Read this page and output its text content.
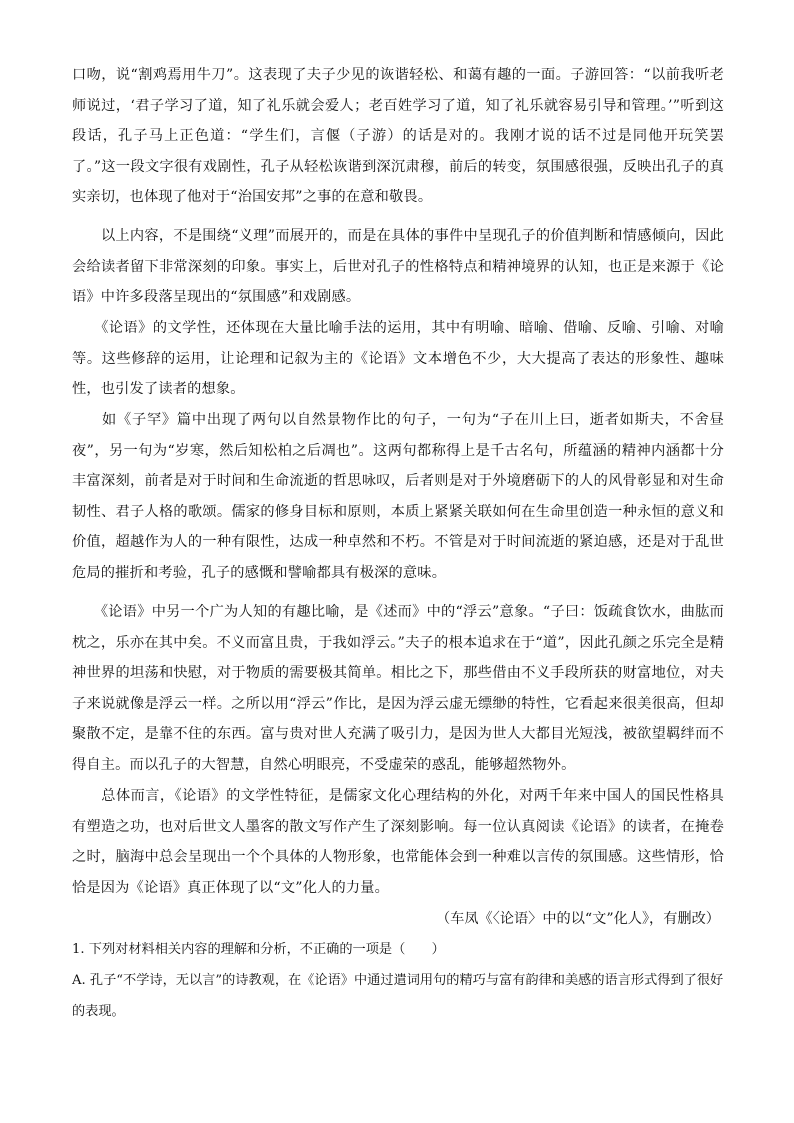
口吻，说“割鸡焉用牛刀”。这表现了夫子少见的诙谐轻松、和蔼有趣的一面。子游回答：“以前我听老师说过，‘君子学习了道，知了礼乐就会爱人；老百姓学习了道，知了礼乐就容易引导和管理。’”听到这段话，孔子马上正色道：“学生们，言偃（子游）的话是对的。我刚才说的话不过是同他开玩笑罢了。”这一段文字很有戏剧性，孔子从轻松诙谐到深沉肃穆，前后的转变，氛围感很强，反映出孔子的真实亲切，也体现了他对于“治国安邦”之事的在意和敬畏。

　　以上内容，不是围绕“义理”而展开的，而是在具体的事件中呈现孔子的价值判断和情感倾向，因此会给读者留下非常深刻的印象。事实上，后世对孔子的性格特点和精神境界的认知，也正是来源于《论语》中许多段落呈现出的“氛围感”和戏剧感。

　　《论语》的文学性，还体现在大量比喻手法的运用，其中有明喻、暗喻、借喻、反喻、引喻、对喻等。这些修辞的运用，让论理和记叙为主的《论语》文本增色不少，大大提高了表达的形象性、趣味性，也引发了读者的想象。

　　如《子罕》篇中出现了两句以自然景物作比的句子，一句为“子在川上曰，逝者如斯夫，不舍昼夜”，另一句为“岁寒，然后知松柏之后凋也”。这两句都称得上是千古名句，所蕴涵的精神内涵都十分丰富深刻，前者是对于时间和生命流逝的哲思咏叹，后者则是对于外境磨砺下的人的风骨彰显和对生命韧性、君子人格的歌颂。儒家的修身目标和原则，本质上紧紧关联如何在生命里创造一种永恒的意义和价值，超越作为人的一种有限性，达成一种卓然和不朽。不管是对于时间流逝的紧迫感，还是对于乱世危局的摧折和考验，孔子的感慨和譬喻都具有极深的意味。

　　《论语》中另一个广为人知的有趣比喻，是《述而》中的“浮云”意象。“子曰：饭疏食饮水，曲肱而枕之，乐亦在其中矣。不义而富且贵，于我如浮云。”夫子的根本追求在于“道”，因此孔颜之乐完全是精神世界的坦荡和快慰，对于物质的需要极其简单。相比之下，那些借由不义手段所获的财富地位，对夫子来说就像是浮云一样。之所以用“浮云”作比，是因为浮云虚无缥缈的特性，它看起来很美很高，但却聚散不定，是靠不住的东西。富与贵对世人充满了吸引力，是因为世人大都目光短浅，被欲望羁绊而不得自主。而以孔子的大智慧，自然心明眼亮，不受虚荣的惑乱，能够超然物外。

　　总体而言，《论语》的文学性特征，是儒家文化心理结构的外化，对两千年来中国人的国民性格具有塑造之功，也对后世文人墨客的散文写作产生了深刻影响。每一位认真阅读《论语》的读者，在掩卷之时，脑海中总会呈现出一个个具体的人物形象，也常能体会到一种难以言传的氛围感。这些情形，恰恰是因为《论语》真正体现了以“文”化人的力量。

（车凤《〈论语〉中的以“文”化人》，有删改）

1. 下列对材料相关内容的理解和分析，不正确的一项是（　　）

A. 孔子“不学诗，无以言”的诗教观，在《论语》中通过遣词用句的精巧与富有韵律和美感的语言形式得到了很好的表现。
